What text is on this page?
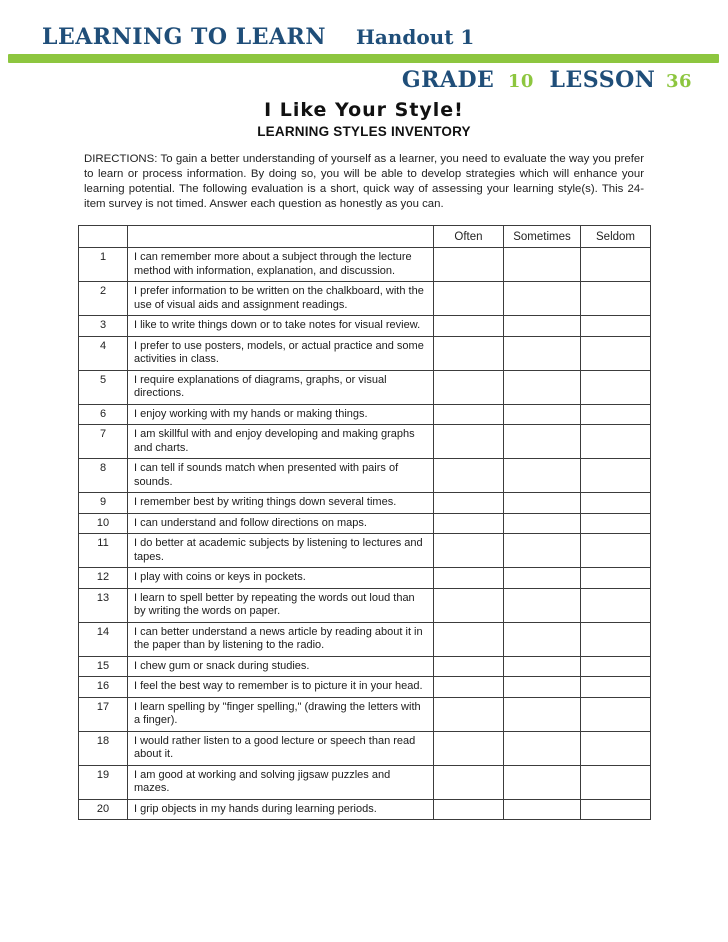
LEARNING TO LEARN Handout 1
GRADE 10 LESSON 36
I Like Your Style!
LEARNING STYLES INVENTORY
DIRECTIONS: To gain a better understanding of yourself as a learner, you need to evaluate the way you prefer to learn or process information. By doing so, you will be able to develop strategies which will enhance your learning potential. The following evaluation is a short, quick way of assessing your learning style(s). This 24-item survey is not timed. Answer each question as honestly as you can.
		Often	Sometimes	Seldom
1	I can remember more about a subject through the lecture method with information, explanation, and discussion.			
2	I prefer information to be written on the chalkboard, with the use of visual aids and assignment readings.			
3	I like to write things down or to take notes for visual review.			
4	I prefer to use posters, models, or actual practice and some activities in class.			
5	I require explanations of diagrams, graphs, or visual directions.			
6	I enjoy working with my hands or making things.			
7	I am skillful with and enjoy developing and making graphs and charts.			
8	I can tell if sounds match when presented with pairs of sounds.			
9	I remember best by writing things down several times.			
10	I can understand and follow directions on maps.			
11	I do better at academic subjects by listening to lectures and tapes.			
12	I play with coins or keys in pockets.			
13	I learn to spell better by repeating the words out loud than by writing the words on paper.			
14	I can better understand a news article by reading about it in the paper than by listening to the radio.			
15	I chew gum or snack during studies.			
16	I feel the best way to remember is to picture it in your head.			
17	I learn spelling by "finger spelling," (drawing the letters with a finger).			
18	I would rather listen to a good lecture or speech than read about it.			
19	I am good at working and solving jigsaw puzzles and mazes.			
20	I grip objects in my hands during learning periods.			
